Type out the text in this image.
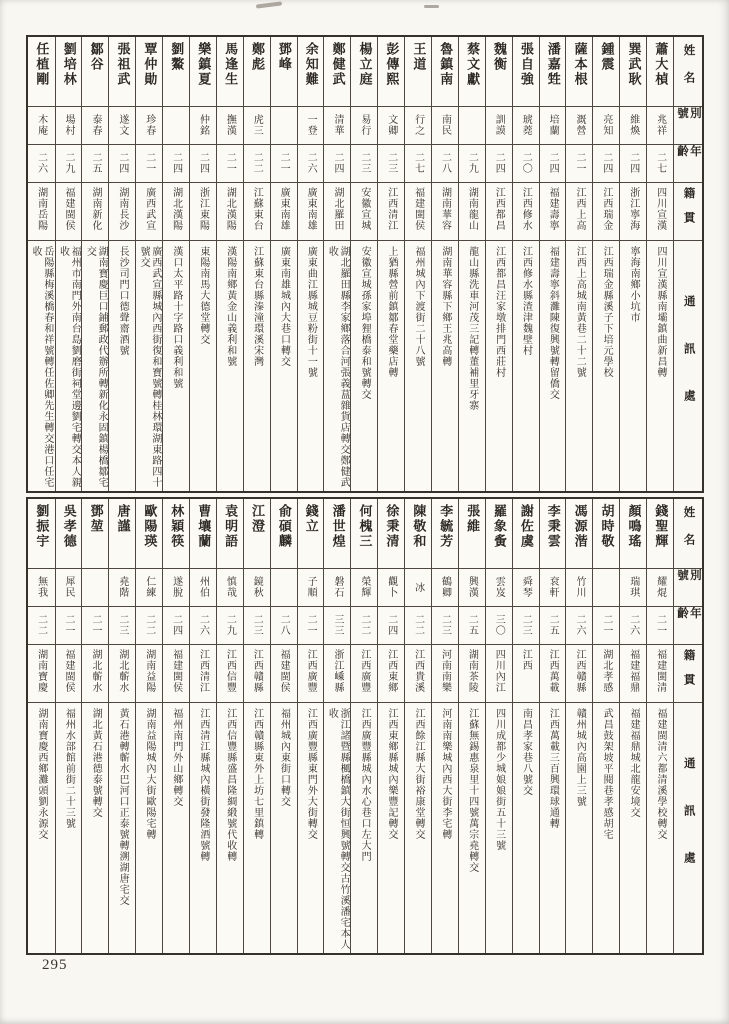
姓名
別號
年齡
籍貫
通訊處
蕭大楨
兆祥
二七
四川宣漢
四川宣漢縣南壩鎮曲新昌轉
巽武耿
維煥
二四
浙江寧海
寧海南鄉小坑市
鍾震
亮知
二四
江西瑞金
江西瑞金縣溪子下培元學校
薩本根
溉營
二一
江西上高
江西上高城南黃巷二十二號
潘嘉甡
培蘭
二四
福建壽寧
福建壽寧斜灘陳復興號轉留僑交
張自強
琥蕘
二〇
江西修水
江西修水縣渣津魏壁村
魏衡
訓謨
二四
江西都昌
江西都昌汪家墩排門西莊村
蔡文獻
二九
湖南龍山
龍山縣洗車河茂三記轉董補里牙寨
魯鎮南
南民
二八
湖南華容
湖南華容縣下鄉王兆高轉
王道
行之
二七
福建閩侯
福州城內下渡街二十八號
彭傳熙
文卿
二三
江西清江
上猶縣營前鎮鄒春堂藥店轉
楊立庭
易行
二三
安徽宣城
安徽宣城孫家埠狸橋泰和號轉交
鄭健武
清華
二四
湖北羅田
湖北羅田縣李家鄉落合河張義蒀雜貨店轉交鄭健武收
余知難
一登
二六
廣東南雄
廣東曲江縣城豆粉街十一號
鄧峰
二一
廣東南雄
廣東南雄城內大巷口轉交
鄭彪
虎三
二二
江蘇東台
江蘇東台縣溱潼環溪宋灣
馬逢生
撫漢
二一
湖北漢陽
漢陽南鄉黃金山義利和號
樂鎮夏
仲銘
二四
浙江東陽
東陽南馬大德堂轉交
劉鰲
二四
湖北漢陽
漢口太平路十字路口義利和號
覃仲勛
珍春
二一
廣西武宣
廣西武宣縣城內西街復和寶號轉桂林環湖東路四十號交
張祖武
遂文
二四
湖南長沙
長沙司門口德聲齋酒號
鄒谷
泰春
二五
湖南新化
湖南寶慶巨口鋪郵政代辦所轉新化永固鎮楊橋鄒宅交
劉培林
場村
二九
福建閩侯
福州市南門外南台島劉磨街祠堂邊劉宅轉交本人親收
任植剛
木庵
二六
湖南岳陽
岳陽縣梅溪橋春和祥號轉任佐卿先生轉交港口任宅收
姓名
別號
年齡
籍貫
通訊處
錢聖輝
耀焜
二一
福建閩清
福建閩清六都清溪學校轉交
顏鳴瑤
瑞琪
二六
福建福鼎
福建福鼎城北龍安境交
胡時敬
二一
湖北孝感
武昌鼓架坡平閱巷孝感胡宅
馮源湝
竹川
二六
江西贛縣
贛州城內高園上三號
李秉雲
袞軒
二五
江西萬載
江西萬載三百興環球通轉
謝佐虞
舜琴
二三
江西
南昌孝家巷八號交
羅象夤
雲岌
三〇
四川內江
四川成都少城娘娘街五十三號
張維
興漢
二五
湖南茶陵
江蘇無錫惠泉里十四號萬宗堯轉交
李毓芳
鶴卿
二三
河南南樂
河南南樂城內西大街李宅轉
陳敬和
冰
二二
江西貴溪
江西餘江縣大街裕康堂轉交
徐秉清
觀卜
二四
江西東鄉
江西東鄉縣城內樂豐記轉交
何槐三
榮輝
二二
江西廣豐
江西廣豐縣城內水心巷口左大門
潘世煌
磐石
三三
浙江嵊縣
浙江諸暨縣楓橋鎮大街恒興號轉交古竹溪潘宅本人收
錢立
子順
二一
江西廣豐
江西廣豐縣東門外大街轉交
俞碩麟
二八
福建閩侯
福州城內東街口轉交
江澄
鏡秋
二三
江西贛縣
江西贛縣東外上坊七里鎮轉
袁明語
慎哉
二九
江西信豐
江西信豐縣盛昌隆綢緞號代收轉
曹壤蘭
州伯
二六
江西清江
江西清江縣城內橫街發隆酒號轉
林穎筷
遂脫
二四
福建閩侯
福州南門外山鄉轉交
歐陽瑛
仁練
二二
湖南益陽
湖南益陽城內大街歐陽宅轉
唐謹
堯階
二三
湖北蘄水
黃石港轉蘄水巴河口正泰號轉溯湖唐宅交
鄧堃
二一
湖北蘄水
湖北黃石港德泰號轉交
吳孝德
犀民
二一
福建閩侯
福州水部館前街二十三號
劉振宇
無我
二二
湖南寶慶
湖南寶慶西鄉灘頭劉永源交
295
